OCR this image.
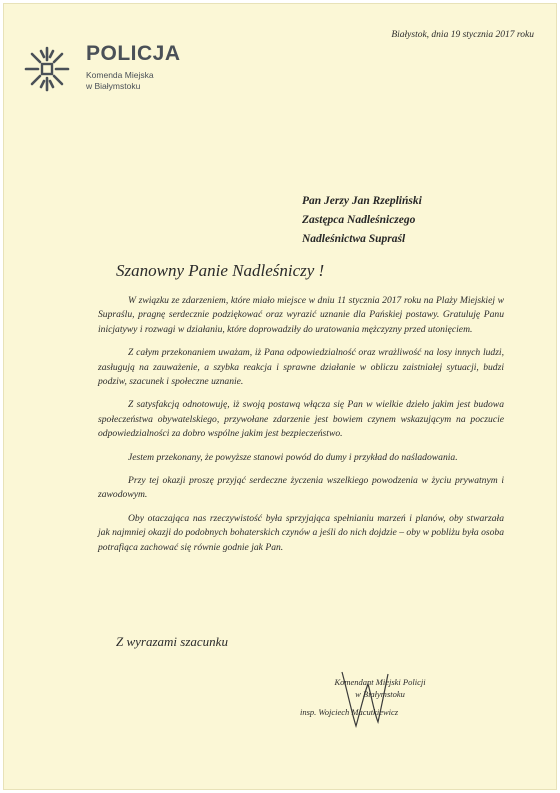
POLICJA

Komenda Miejska
w Białymstoku

Białystok, dnia 19 stycznia 2017 roku
Pan Jerzy Jan Rzepliński
Zastępca Nadleśniczego
Nadleśnictwa Supraśl
Szanowny Panie Nadleśniczy !

W związku ze zdarzeniem, które miało miejsce w dniu 11 stycznia 2017 roku na Plaży Miejskiej w Supraślu, pragnę serdecznie podziękować oraz wyrazić uznanie dla Pańskiej postawy. Gratuluję Panu inicjatywy i rozwagi w działaniu, które doprowadziły do uratowania mężczyzny przed utonięciem.

Z całym przekonaniem uważam, iż Pana odpowiedzialność oraz wrażliwość na losy innych ludzi, zasługują na zauważenie, a szybka reakcja i sprawne działanie w obliczu zaistniałej sytuacji, budzi podziw, szacunek i społeczne uznanie.

Z satysfakcją odnotowuję, iż swoją postawą włącza się Pan w wielkie dzieło jakim jest budowa społeczeństwa obywatelskiego, przywołane zdarzenie jest bowiem czynem wskazującym na poczucie odpowiedzialności za dobro wspólne jakim jest bezpieczeństwo.

Jestem przekonany, że powyższe stanowi powód do dumy i przykład do naśladowania.

Przy tej okazji proszę przyjąć serdeczne życzenia wszelkiego powodzenia w życiu prywatnym i zawodowym.

Oby otaczająca nas rzeczywistość była sprzyjająca spełnianiu marzeń i planów, oby stwarzała jak najmniej okazji do podobnych bohaterskich czynów a jeśli do nich dojdzie – oby w pobliżu była osoba potrafiąca zachować się równie godnie jak Pan.

Z wyrazami szacunku
Komendant Miejski Policji
w Białymstoku
insp. Wojciech Macutkiewicz
